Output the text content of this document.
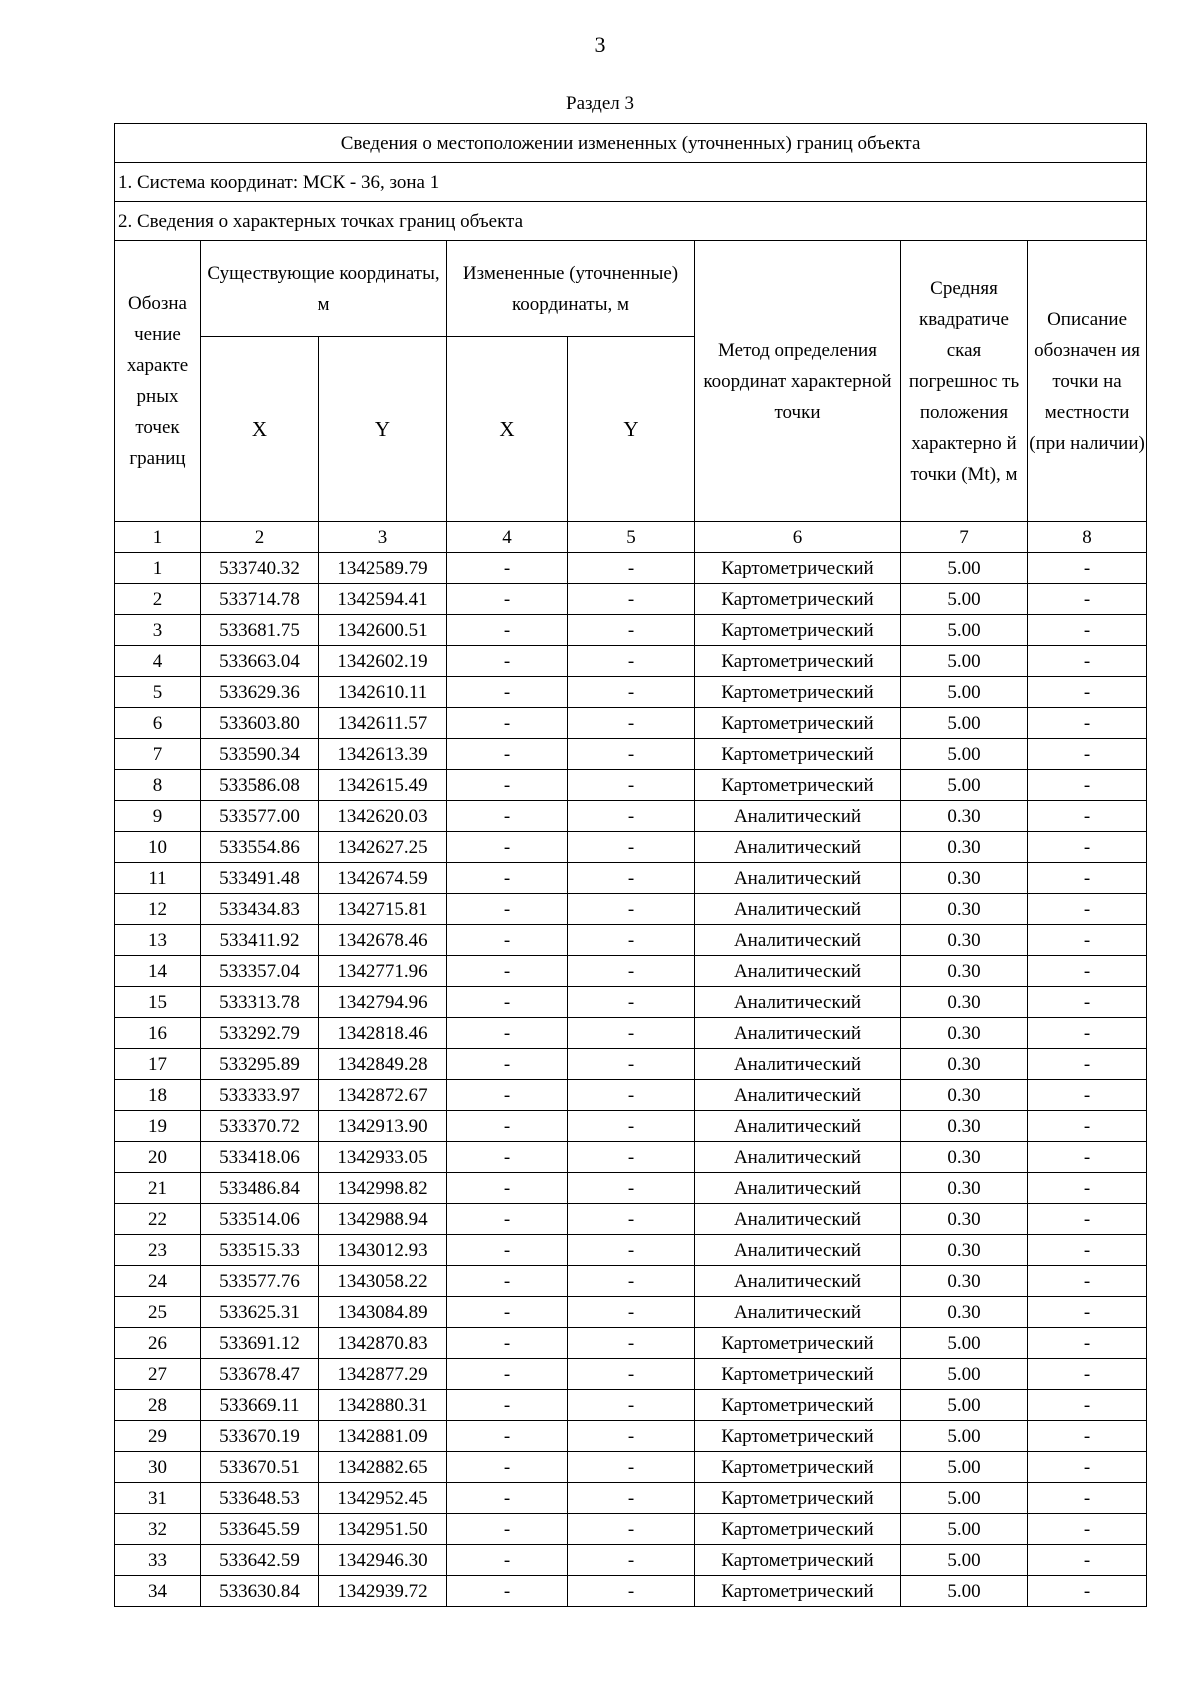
3
Раздел 3
Сведения о местоположении измененных (уточненных) границ объекта							
1. Система координат: МСК - 36, зона 1							
2. Сведения о характерных точках границ объекта							
Обозна чение характе рных точек границ	Существующие координаты, м		Измененные (уточненные) координаты, м		Метод определения координат характерной точки	Средняя квадратиче ская погрешнос ть положения характерно й точки (Mt), м	Описание обозначен ия точки на местности (при наличии)
	X	Y	X	Y			
1	2	3	4	5	6	7	8
1	533740.32	1342589.79	-	-	Картометрический	5.00	-
2	533714.78	1342594.41	-	-	Картометрический	5.00	-
3	533681.75	1342600.51	-	-	Картометрический	5.00	-
4	533663.04	1342602.19	-	-	Картометрический	5.00	-
5	533629.36	1342610.11	-	-	Картометрический	5.00	-
6	533603.80	1342611.57	-	-	Картометрический	5.00	-
7	533590.34	1342613.39	-	-	Картометрический	5.00	-
8	533586.08	1342615.49	-	-	Картометрический	5.00	-
9	533577.00	1342620.03	-	-	Аналитический	0.30	-
10	533554.86	1342627.25	-	-	Аналитический	0.30	-
11	533491.48	1342674.59	-	-	Аналитический	0.30	-
12	533434.83	1342715.81	-	-	Аналитический	0.30	-
13	533411.92	1342678.46	-	-	Аналитический	0.30	-
14	533357.04	1342771.96	-	-	Аналитический	0.30	-
15	533313.78	1342794.96	-	-	Аналитический	0.30	-
16	533292.79	1342818.46	-	-	Аналитический	0.30	-
17	533295.89	1342849.28	-	-	Аналитический	0.30	-
18	533333.97	1342872.67	-	-	Аналитический	0.30	-
19	533370.72	1342913.90	-	-	Аналитический	0.30	-
20	533418.06	1342933.05	-	-	Аналитический	0.30	-
21	533486.84	1342998.82	-	-	Аналитический	0.30	-
22	533514.06	1342988.94	-	-	Аналитический	0.30	-
23	533515.33	1343012.93	-	-	Аналитический	0.30	-
24	533577.76	1343058.22	-	-	Аналитический	0.30	-
25	533625.31	1343084.89	-	-	Аналитический	0.30	-
26	533691.12	1342870.83	-	-	Картометрический	5.00	-
27	533678.47	1342877.29	-	-	Картометрический	5.00	-
28	533669.11	1342880.31	-	-	Картометрический	5.00	-
29	533670.19	1342881.09	-	-	Картометрический	5.00	-
30	533670.51	1342882.65	-	-	Картометрический	5.00	-
31	533648.53	1342952.45	-	-	Картометрический	5.00	-
32	533645.59	1342951.50	-	-	Картометрический	5.00	-
33	533642.59	1342946.30	-	-	Картометрический	5.00	-
34	533630.84	1342939.72	-	-	Картометрический	5.00	-
